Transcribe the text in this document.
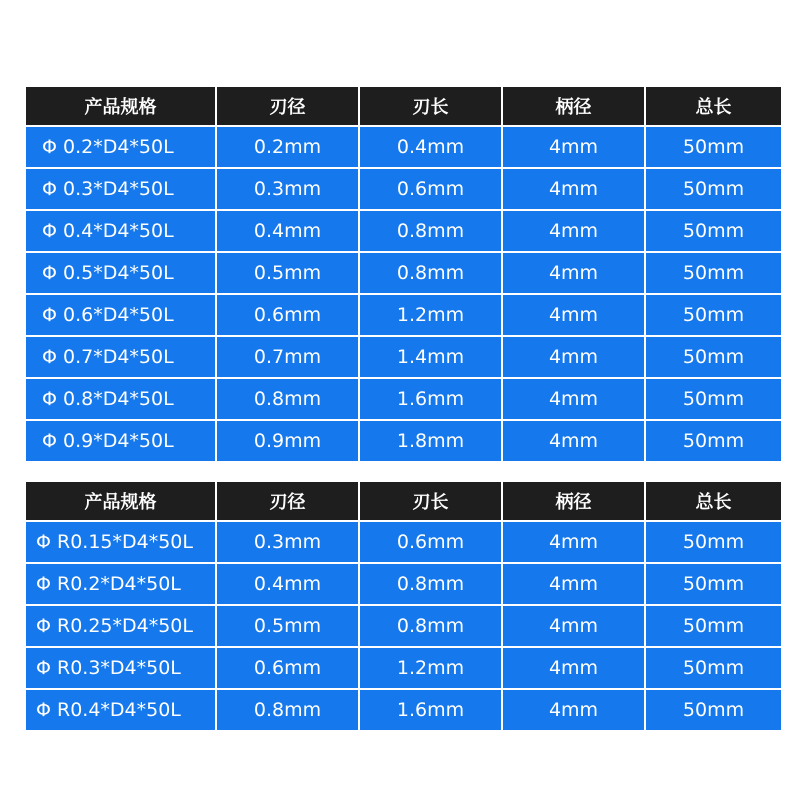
产品规格	刃径	刃长	柄径	总长
Φ 0.2*D4*50L	0.2mm	0.4mm	4mm	50mm
Φ 0.3*D4*50L	0.3mm	0.6mm	4mm	50mm
Φ 0.4*D4*50L	0.4mm	0.8mm	4mm	50mm
Φ 0.5*D4*50L	0.5mm	0.8mm	4mm	50mm
Φ 0.6*D4*50L	0.6mm	1.2mm	4mm	50mm
Φ 0.7*D4*50L	0.7mm	1.4mm	4mm	50mm
Φ 0.8*D4*50L	0.8mm	1.6mm	4mm	50mm
Φ 0.9*D4*50L	0.9mm	1.8mm	4mm	50mm
产品规格	刃径	刃长	柄径	总长
Φ R0.15*D4*50L	0.3mm	0.6mm	4mm	50mm
Φ R0.2*D4*50L	0.4mm	0.8mm	4mm	50mm
Φ R0.25*D4*50L	0.5mm	0.8mm	4mm	50mm
Φ R0.3*D4*50L	0.6mm	1.2mm	4mm	50mm
Φ R0.4*D4*50L	0.8mm	1.6mm	4mm	50mm
